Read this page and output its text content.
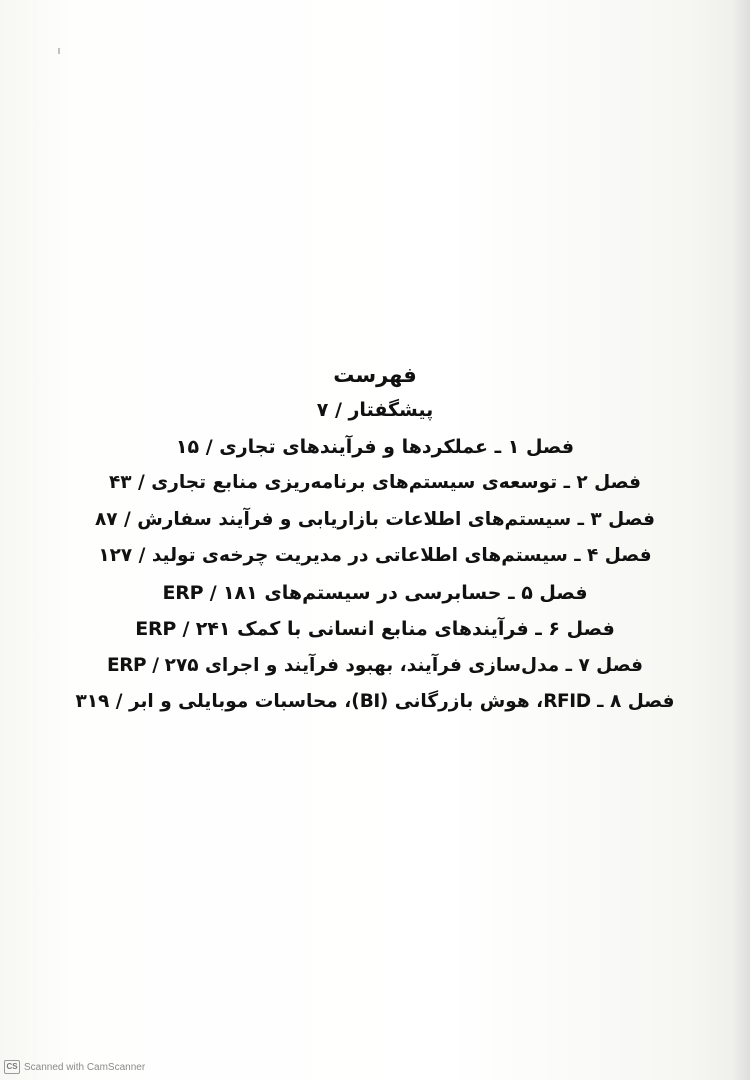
فهرست
پیشگفتار / ۷
فصل ۱ ـ عملکردها و فرآیندهای تجاری / ۱۵
فصل ۲ ـ توسعه‌ی سیستم‌های برنامه‌ریزی منابع تجاری / ۴۳
فصل ۳ ـ سیستم‌های اطلاعات بازاریابی و فرآیند سفارش / ۸۷
فصل ۴ ـ سیستم‌های اطلاعاتی در مدیریت چرخه‌ی تولید / ۱۲۷
فصل ۵ ـ حسابرسی در سیستم‌های ERP / ۱۸۱
فصل ۶ ـ فرآیندهای منابع انسانی با کمک ERP / ۲۴۱
فصل ۷ ـ مدل‌سازی فرآیند، بهبود فرآیند و اجرای ERP / ۲۷۵
فصل ۸ ـ RFID، هوش بازرگانی (BI)، محاسبات موبایلی و ابر / ۳۱۹
CS Scanned with CamScanner
